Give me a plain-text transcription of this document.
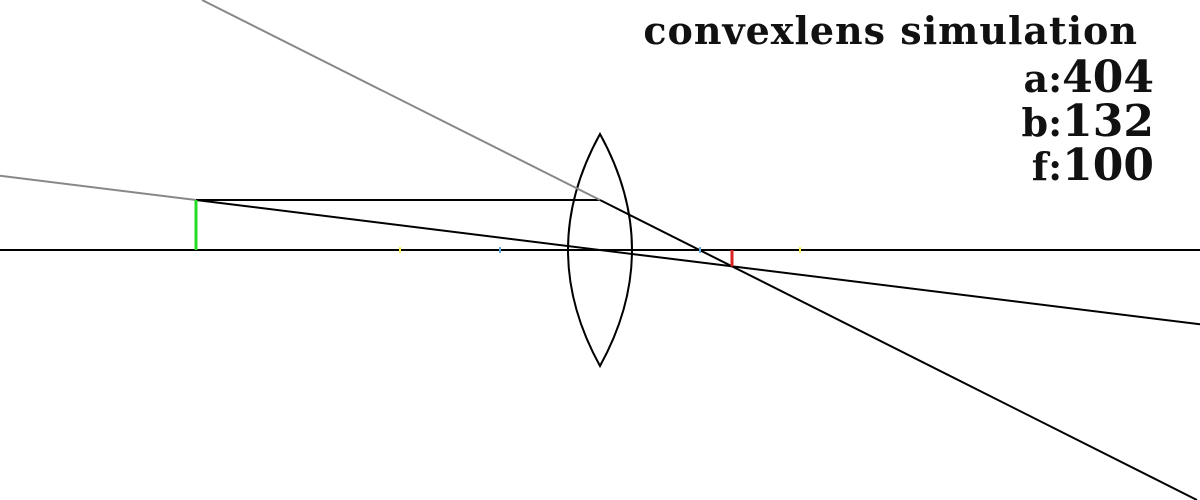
convexlens simulation
a:404
b:132
f:100
